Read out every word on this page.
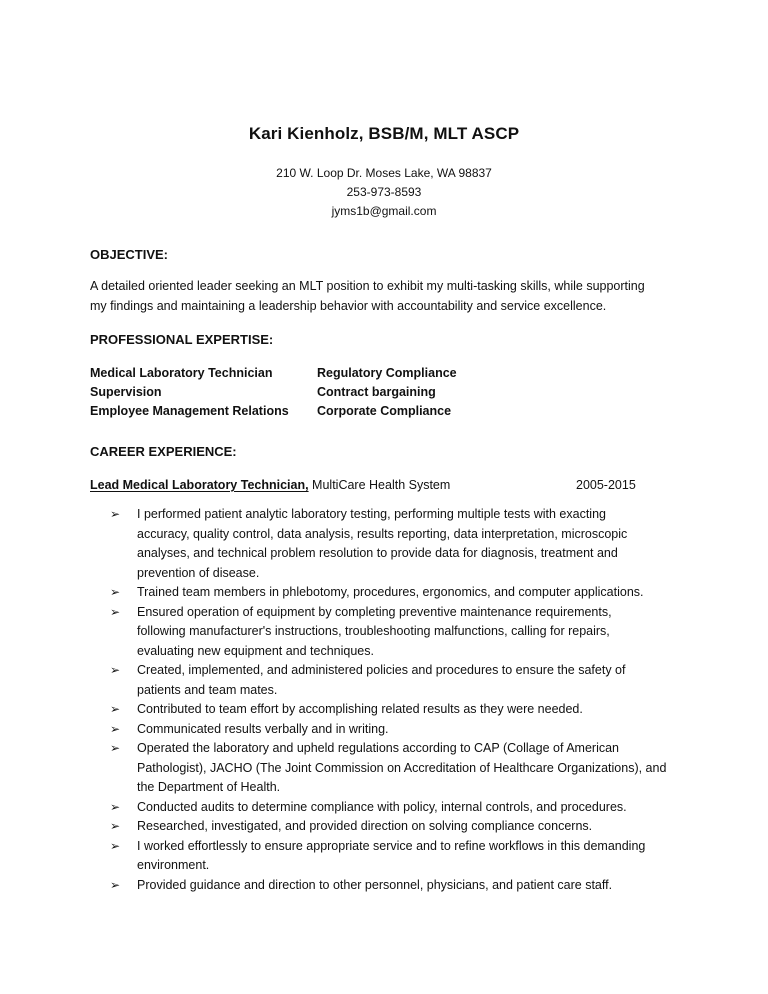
Kari Kienholz, BSB/M, MLT ASCP
210 W. Loop Dr. Moses Lake, WA 98837
253-973-8593
jyms1b@gmail.com
OBJECTIVE:
A detailed oriented leader seeking an MLT position to exhibit my multi-tasking skills, while supporting
my findings and maintaining a leadership behavior with accountability and service excellence.
PROFESSIONAL EXPERTISE:
Medical Laboratory Technician	Regulatory Compliance
Supervision	Contract bargaining
Employee Management Relations	Corporate Compliance
CAREER EXPERIENCE:
Lead Medical Laboratory Technician, MultiCare Health System	2005-2015
➢ I performed patient analytic laboratory testing, performing multiple tests with exacting
accuracy, quality control, data analysis, results reporting, data interpretation, microscopic
analyses, and technical problem resolution to provide data for diagnosis, treatment and
prevention of disease.
➢ Trained team members in phlebotomy, procedures, ergonomics, and computer applications.
➢ Ensured operation of equipment by completing preventive maintenance requirements,
following manufacturer's instructions, troubleshooting malfunctions, calling for repairs,
evaluating new equipment and techniques.
➢ Created, implemented, and administered policies and procedures to ensure the safety of
patients and team mates.
➢ Contributed to team effort by accomplishing related results as they were needed.
➢ Communicated results verbally and in writing.
➢ Operated the laboratory and upheld regulations according to CAP (Collage of American
Pathologist), JACHO (The Joint Commission on Accreditation of Healthcare Organizations), and
the Department of Health.
➢ Conducted audits to determine compliance with policy, internal controls, and procedures.
➢ Researched, investigated, and provided direction on solving compliance concerns.
➢ I worked effortlessly to ensure appropriate service and to refine workflows in this demanding
environment.
➢ Provided guidance and direction to other personnel, physicians, and patient care staff.
